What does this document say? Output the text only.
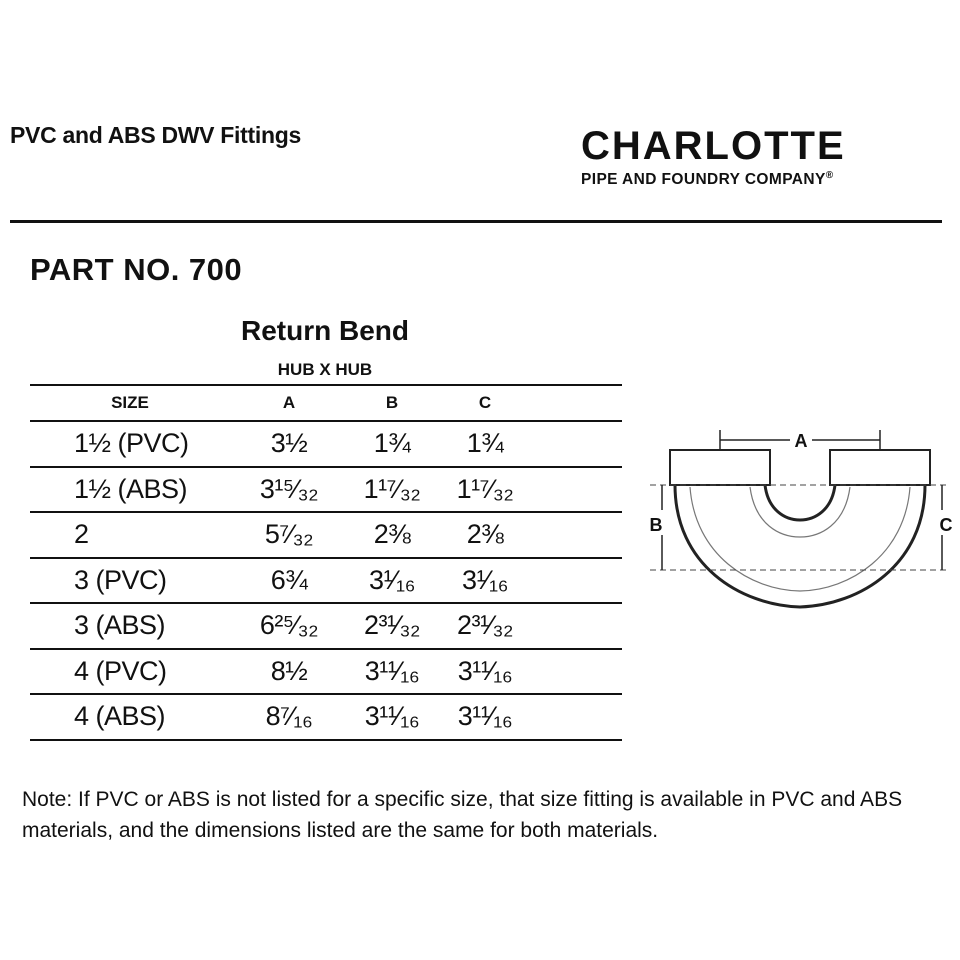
PVC and ABS DWV Fittings	CHARLOTTE
PIPE AND FOUNDRY COMPANY®
PART NO. 700
Return Bend
HUB X HUB
SIZE	A	B	C	
1½ (PVC)	3½	1¾	1¾	
1½ (ABS)	3¹⁵⁄₃₂	1¹⁷⁄₃₂	1¹⁷⁄₃₂	
2	5⁷⁄₃₂	2⅜	2⅜	
3 (PVC)	6¾	3¹⁄₁₆	3¹⁄₁₆	
3 (ABS)	6²⁵⁄₃₂	2³¹⁄₃₂	2³¹⁄₃₂	
4 (PVC)	8½	3¹¹⁄₁₆	3¹¹⁄₁₆	
4 (ABS)	8⁷⁄₁₆	3¹¹⁄₁₆	3¹¹⁄₁₆	
A
B	C
Note: If PVC or ABS is not listed for a specific size, that size fitting is available in PVC and ABS materials, and the dimensions listed are the same for both materials.
